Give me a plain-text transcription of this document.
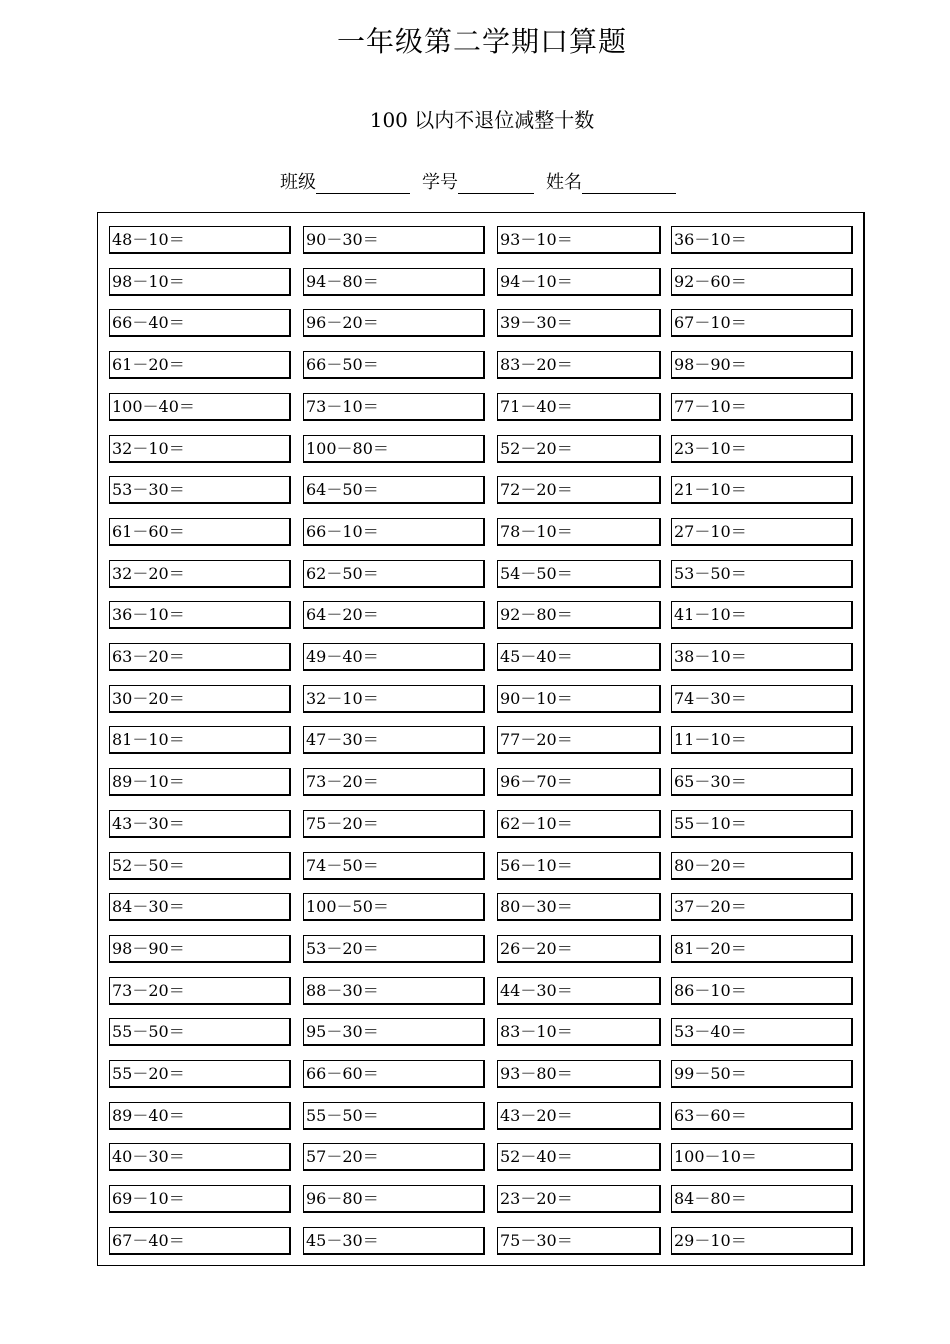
一年级第二学期口算题
100 以内不退位减整十数
班级	学号	姓名
48－10＝	90－30＝	93－10＝	36－10＝
98－10＝	94－80＝	94－10＝	92－60＝
66－40＝	96－20＝	39－30＝	67－10＝
61－20＝	66－50＝	83－20＝	98－90＝
100－40＝	73－10＝	71－40＝	77－10＝
32－10＝	100－80＝	52－20＝	23－10＝
53－30＝	64－50＝	72－20＝	21－10＝
61－60＝	66－10＝	78－10＝	27－10＝
32－20＝	62－50＝	54－50＝	53－50＝
36－10＝	64－20＝	92－80＝	41－10＝
63－20＝	49－40＝	45－40＝	38－10＝
30－20＝	32－10＝	90－10＝	74－30＝
81－10＝	47－30＝	77－20＝	11－10＝
89－10＝	73－20＝	96－70＝	65－30＝
43－30＝	75－20＝	62－10＝	55－10＝
52－50＝	74－50＝	56－10＝	80－20＝
84－30＝	100－50＝	80－30＝	37－20＝
98－90＝	53－20＝	26－20＝	81－20＝
73－20＝	88－30＝	44－30＝	86－10＝
55－50＝	95－30＝	83－10＝	53－40＝
55－20＝	66－60＝	93－80＝	99－50＝
89－40＝	55－50＝	43－20＝	63－60＝
40－30＝	57－20＝	52－40＝	100－10＝
69－10＝	96－80＝	23－20＝	84－80＝
67－40＝	45－30＝	75－30＝	29－10＝
